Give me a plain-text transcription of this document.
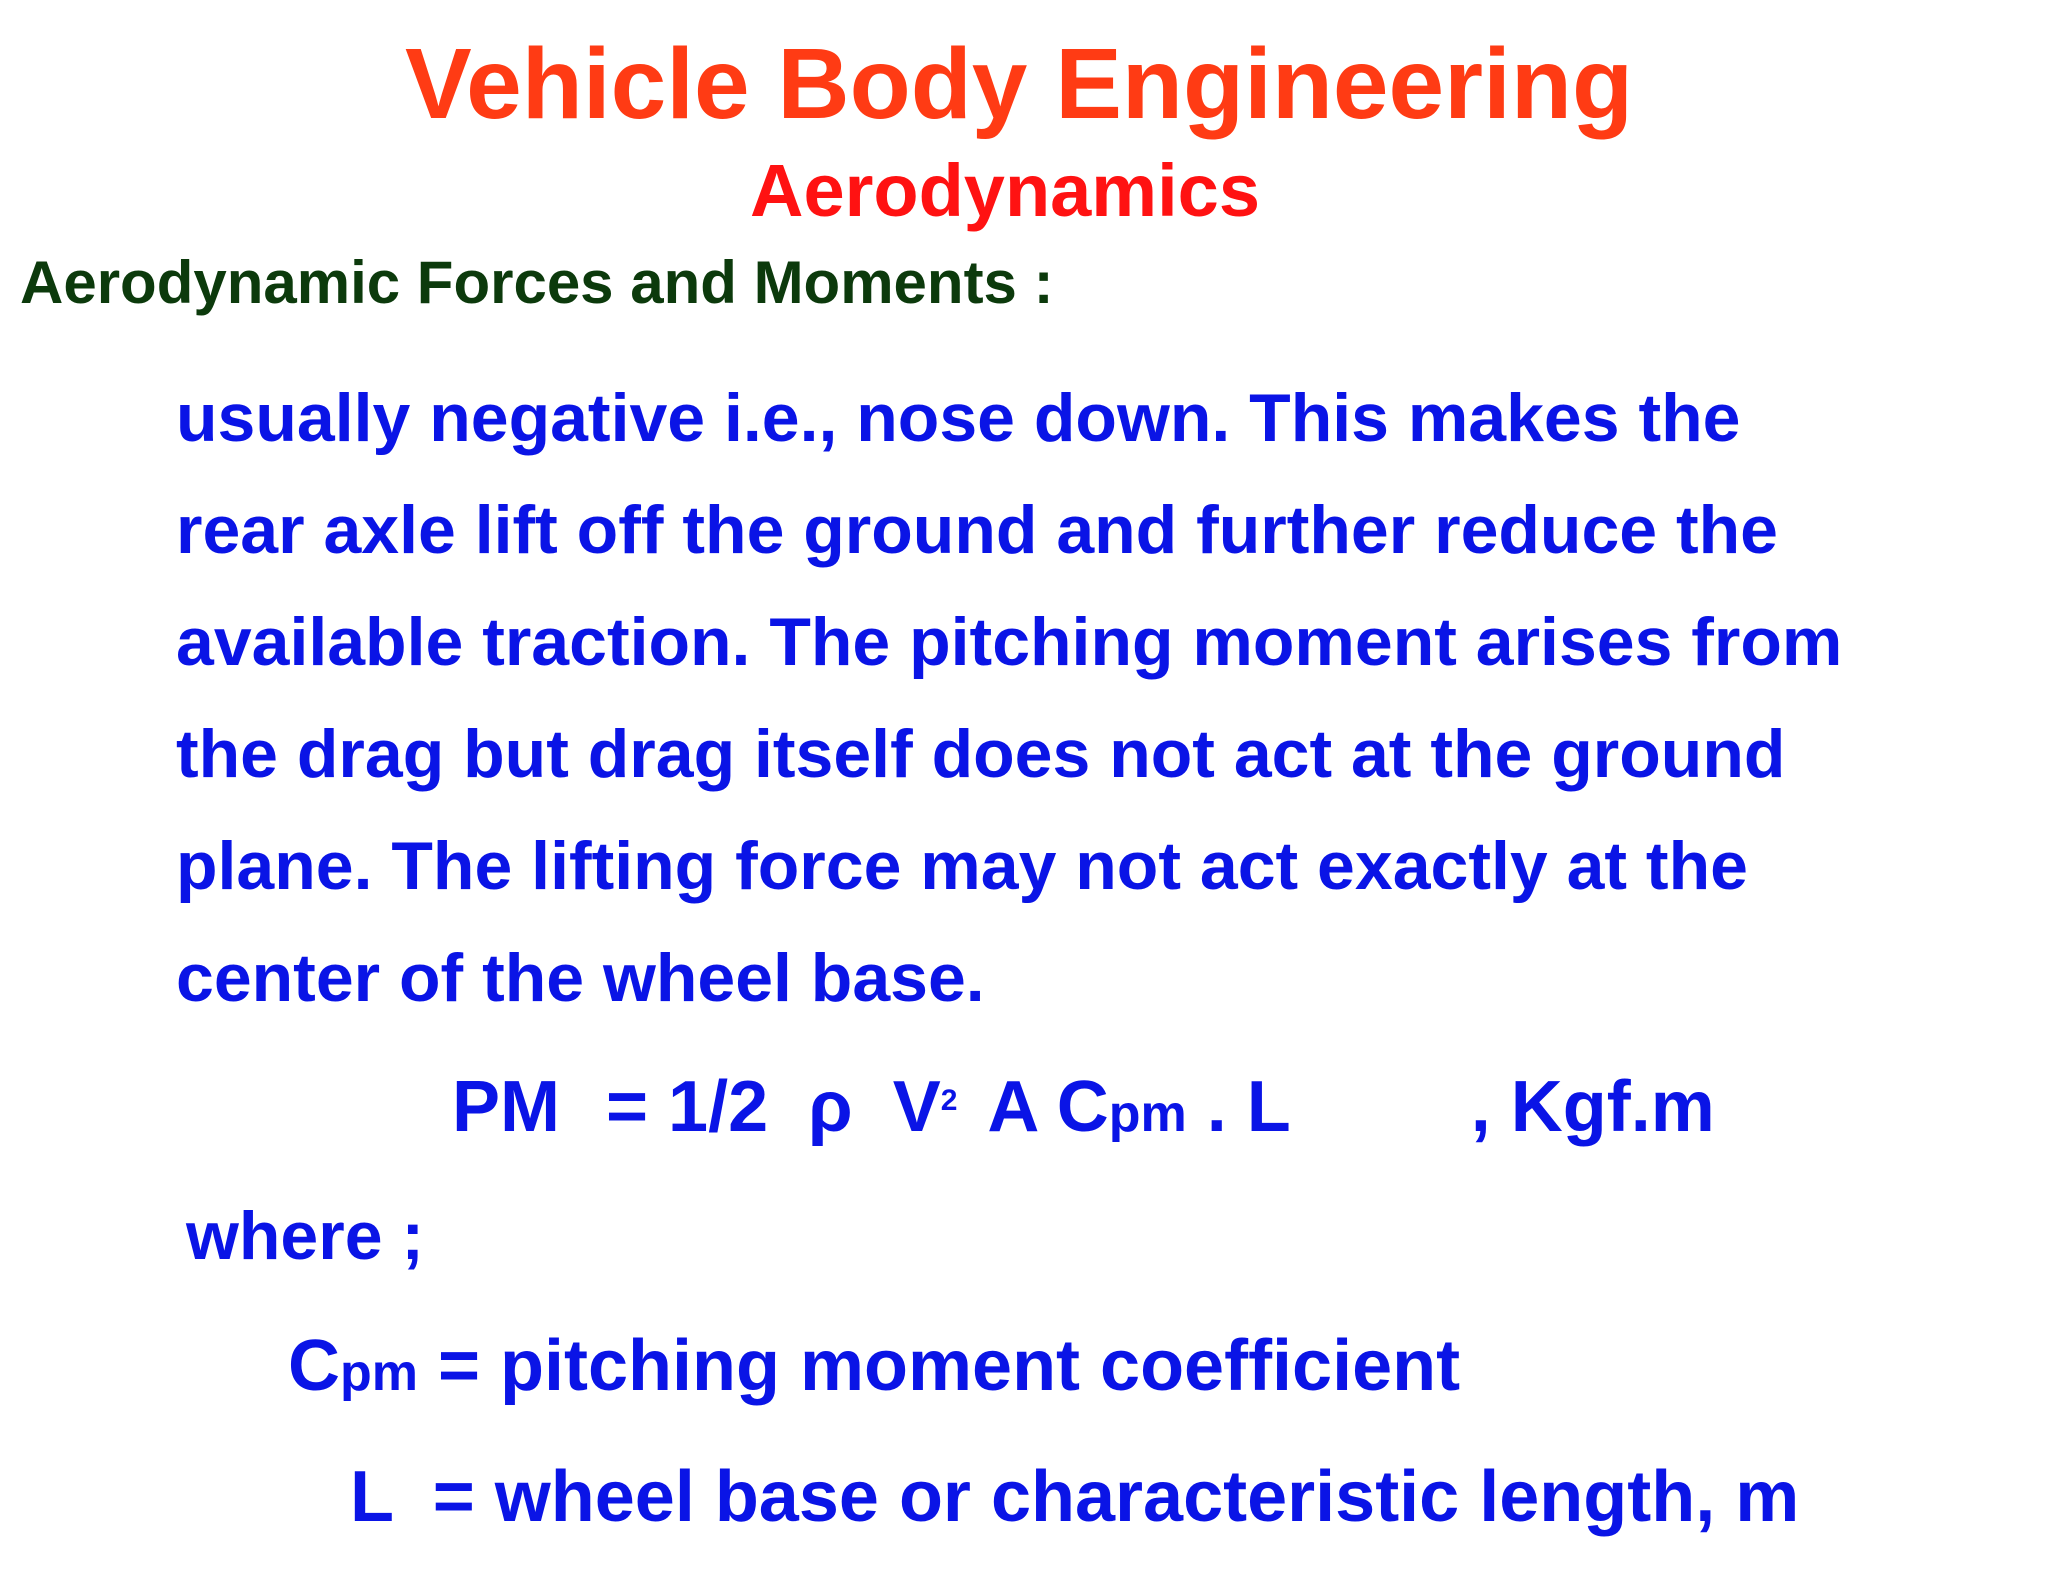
Vehicle Body Engineering
Aerodynamics
Aerodynamic Forces and Moments :
usually negative i.e., nose down. This makes the
rear axle lift off the ground and further reduce the
available traction. The pitching moment arises from
the drag but drag itself does not act at the ground
plane. The lifting force may not act exactly at the
center of the wheel base.
PM = 1/2 ρ V2 A Cpm . L	, Kgf.m
where ;
Cpm = pitching moment coefficient
L  = wheel base or characteristic length, m
